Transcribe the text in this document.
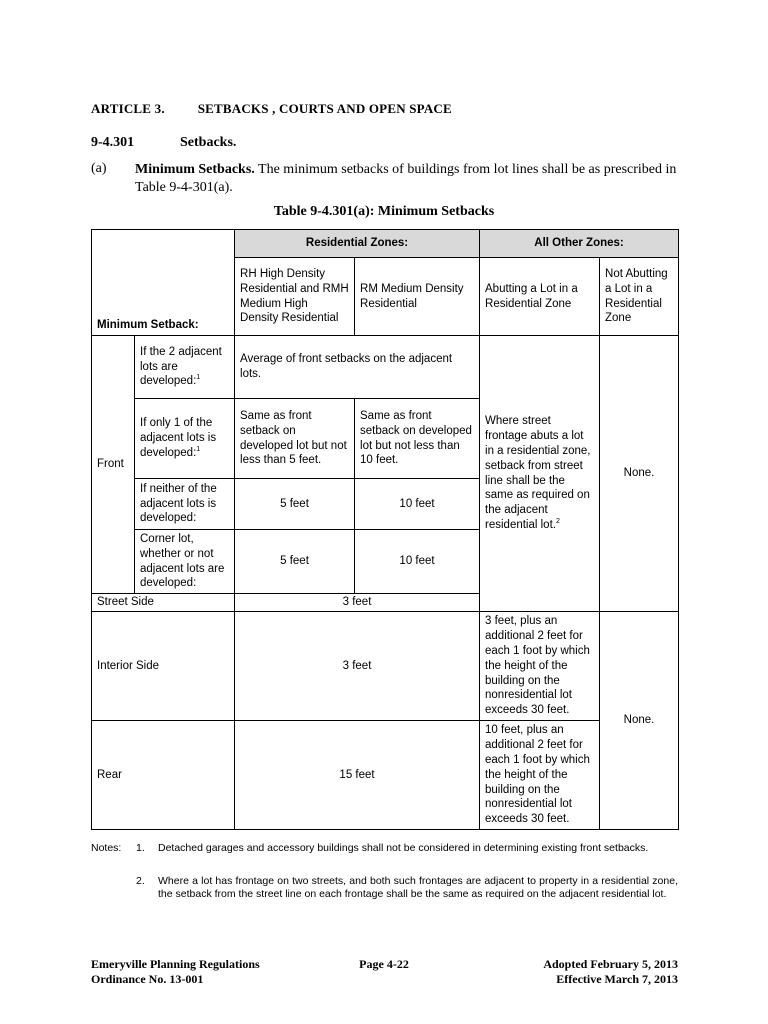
ARTICLE 3.	SETBACKS , COURTS AND OPEN SPACE
9-4.301	Setbacks.
(a) Minimum Setbacks. The minimum setbacks of buildings from lot lines shall be as prescribed in Table 9-4-301(a).
Table 9-4.301(a): Minimum Setbacks
Minimum Setback:		Residential Zones:		All Other Zones:	
		RH High Density Residential and RMH Medium High Density Residential	RM Medium Density Residential	Abutting a Lot in a Residential Zone	Not Abutting a Lot in a Residential Zone
Front	If the 2 adjacent lots are developed:$^1$	Average of front setbacks on the adjacent lots.		Where street frontage abuts a lot in a residential zone, setback from street line shall be the same as required on the adjacent residential lot.$^2$	None.
	If only 1 of the adjacent lots is developed:$^1$	Same as front setback on developed lot but not less than 5 feet.	Same as front setback on developed lot but not less than 10 feet.		
	If neither of the adjacent lots is developed:	5 feet	10 feet		
	Corner lot, whether or not adjacent lots are developed:	5 feet	10 feet		
Street Side		3 feet			
Interior Side		3 feet		3 feet, plus an additional 2 feet for each 1 foot by which the height of the building on the nonresidential lot exceeds 30 feet.	None.
Rear		15 feet		10 feet, plus an additional 2 feet for each 1 foot by which the height of the building on the nonresidential lot exceeds 30 feet.	
Notes: 1. Detached garages and accessory buildings shall not be considered in determining existing front setbacks.
2. Where a lot has frontage on two streets, and both such frontages are adjacent to property in a residential zone, the setback from the street line on each frontage shall be the same as required on the adjacent residential lot.
Emeryville Planning Regulations
Ordinance No. 13-001
Page 4-22	Adopted February 5, 2013
Effective March 7, 2013
